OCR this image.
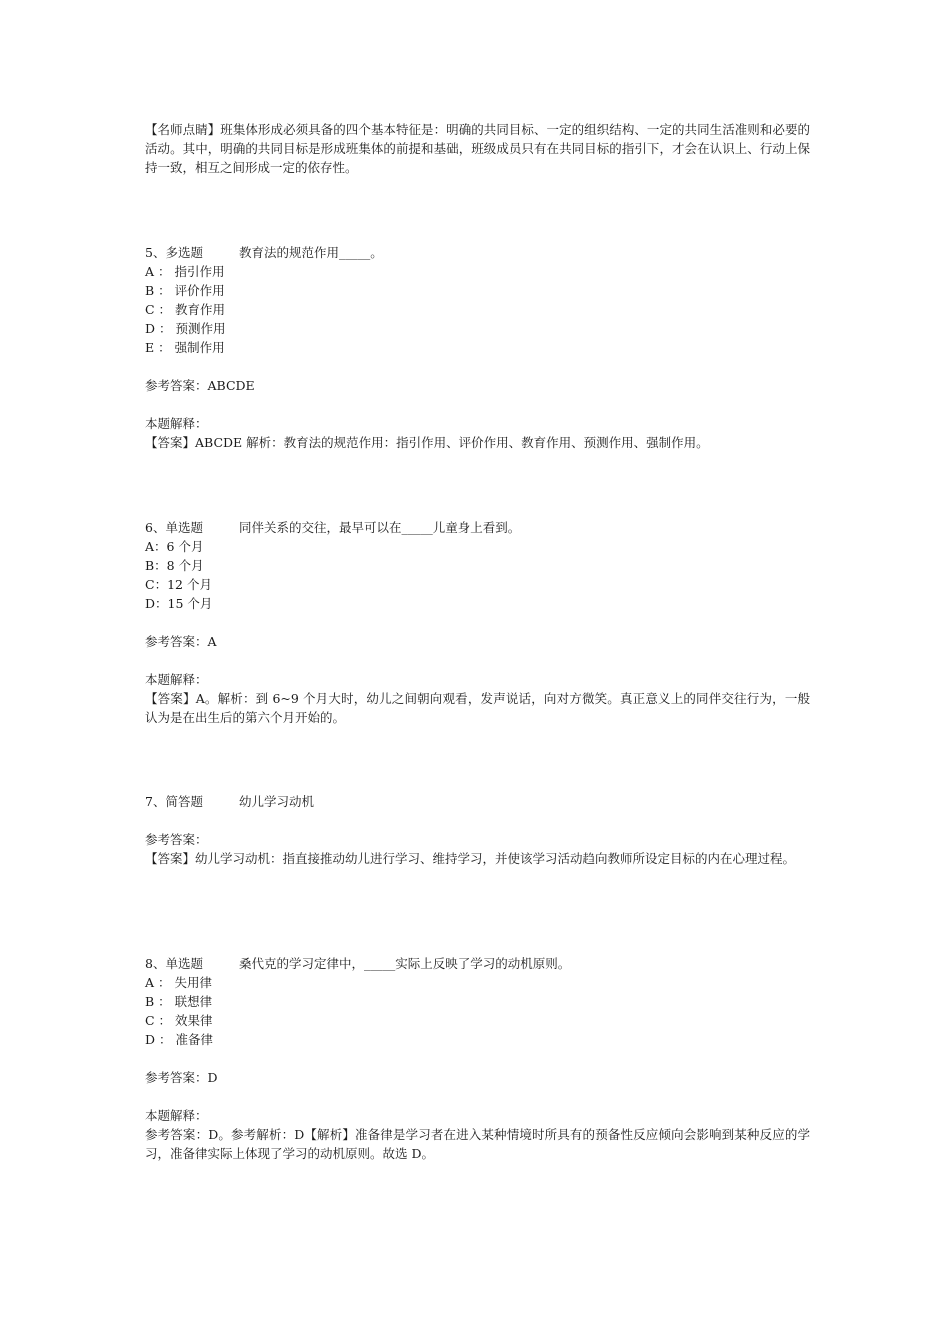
【名师点睛】班集体形成必须具备的四个基本特征是：明确的共同目标、一定的组织结构、一定的共同生活准则和必要的活动。其中，明确的共同目标是形成班集体的前提和基础，班级成员只有在共同目标的指引下，才会在认识上、行动上保持一致，相互之间形成一定的依存性。
5、多选题	教育法的规范作用_____。
A ： 指引作用
B ： 评价作用
C ： 教育作用
D ： 预测作用
E ： 强制作用
参考答案：ABCDE
本题解释：
【答案】ABCDE 解析：教育法的规范作用：指引作用、评价作用、教育作用、预测作用、强制作用。
6、单选题	同伴关系的交往，最早可以在_____儿童身上看到。
A：6 个月
B：8 个月
C：12 个月
D：15 个月
参考答案：A
本题解释：
【答案】A。解析：到 6~9 个月大时，幼儿之间朝向观看，发声说话，向对方微笑。真正意义上的同伴交往行为，一般认为是在出生后的第六个月开始的。
7、简答题	幼儿学习动机
参考答案：
【答案】幼儿学习动机：指直接推动幼儿进行学习、维持学习，并使该学习活动趋向教师所设定目标的内在心理过程。
8、单选题	桑代克的学习定律中，_____实际上反映了学习的动机原则。
A ： 失用律
B ： 联想律
C ： 效果律
D ： 准备律
参考答案：D
本题解释：
参考答案：D。参考解析：D【解析】准备律是学习者在进入某种情境时所具有的预备性反应倾向会影响到某种反应的学习，准备律实际上体现了学习的动机原则。故选 D。
